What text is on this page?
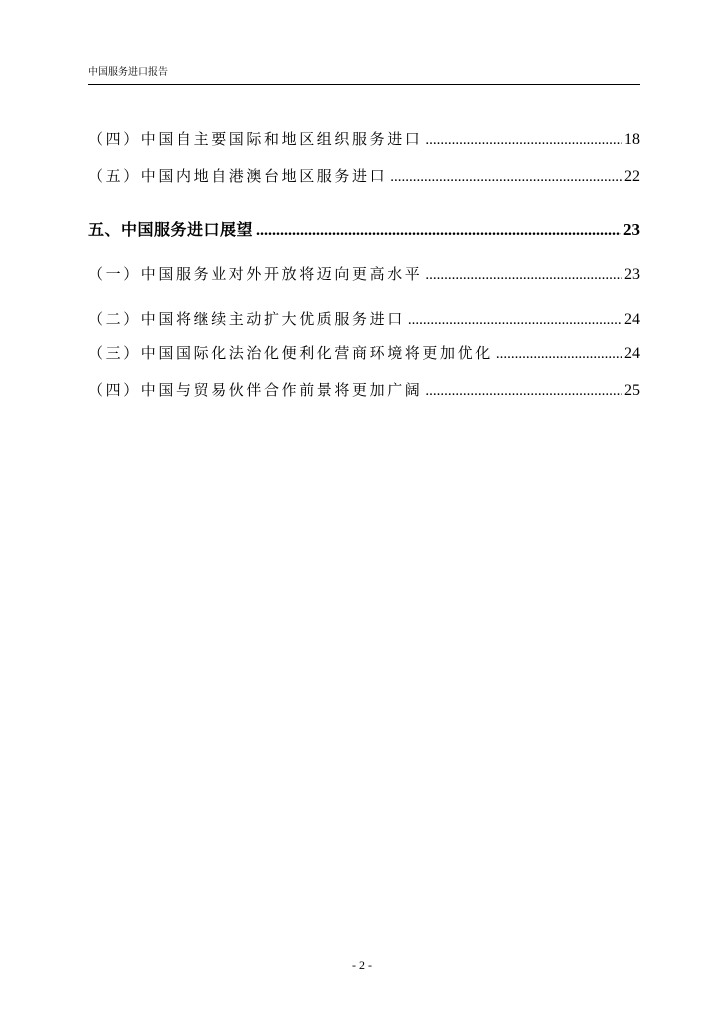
中国服务进口报告
（四）中国自主要国际和地区组织服务进口 .....	18
（五）中国内地自港澳台地区服务进口 .....	22
五、中国服务进口展望 .....	23
（一）中国服务业对外开放将迈向更高水平 .....	23
（二）中国将继续主动扩大优质服务进口 .....	24
（三）中国国际化法治化便利化营商环境将更加优化 .....	24
（四）中国与贸易伙伴合作前景将更加广阔 .....	25
- 2 -
